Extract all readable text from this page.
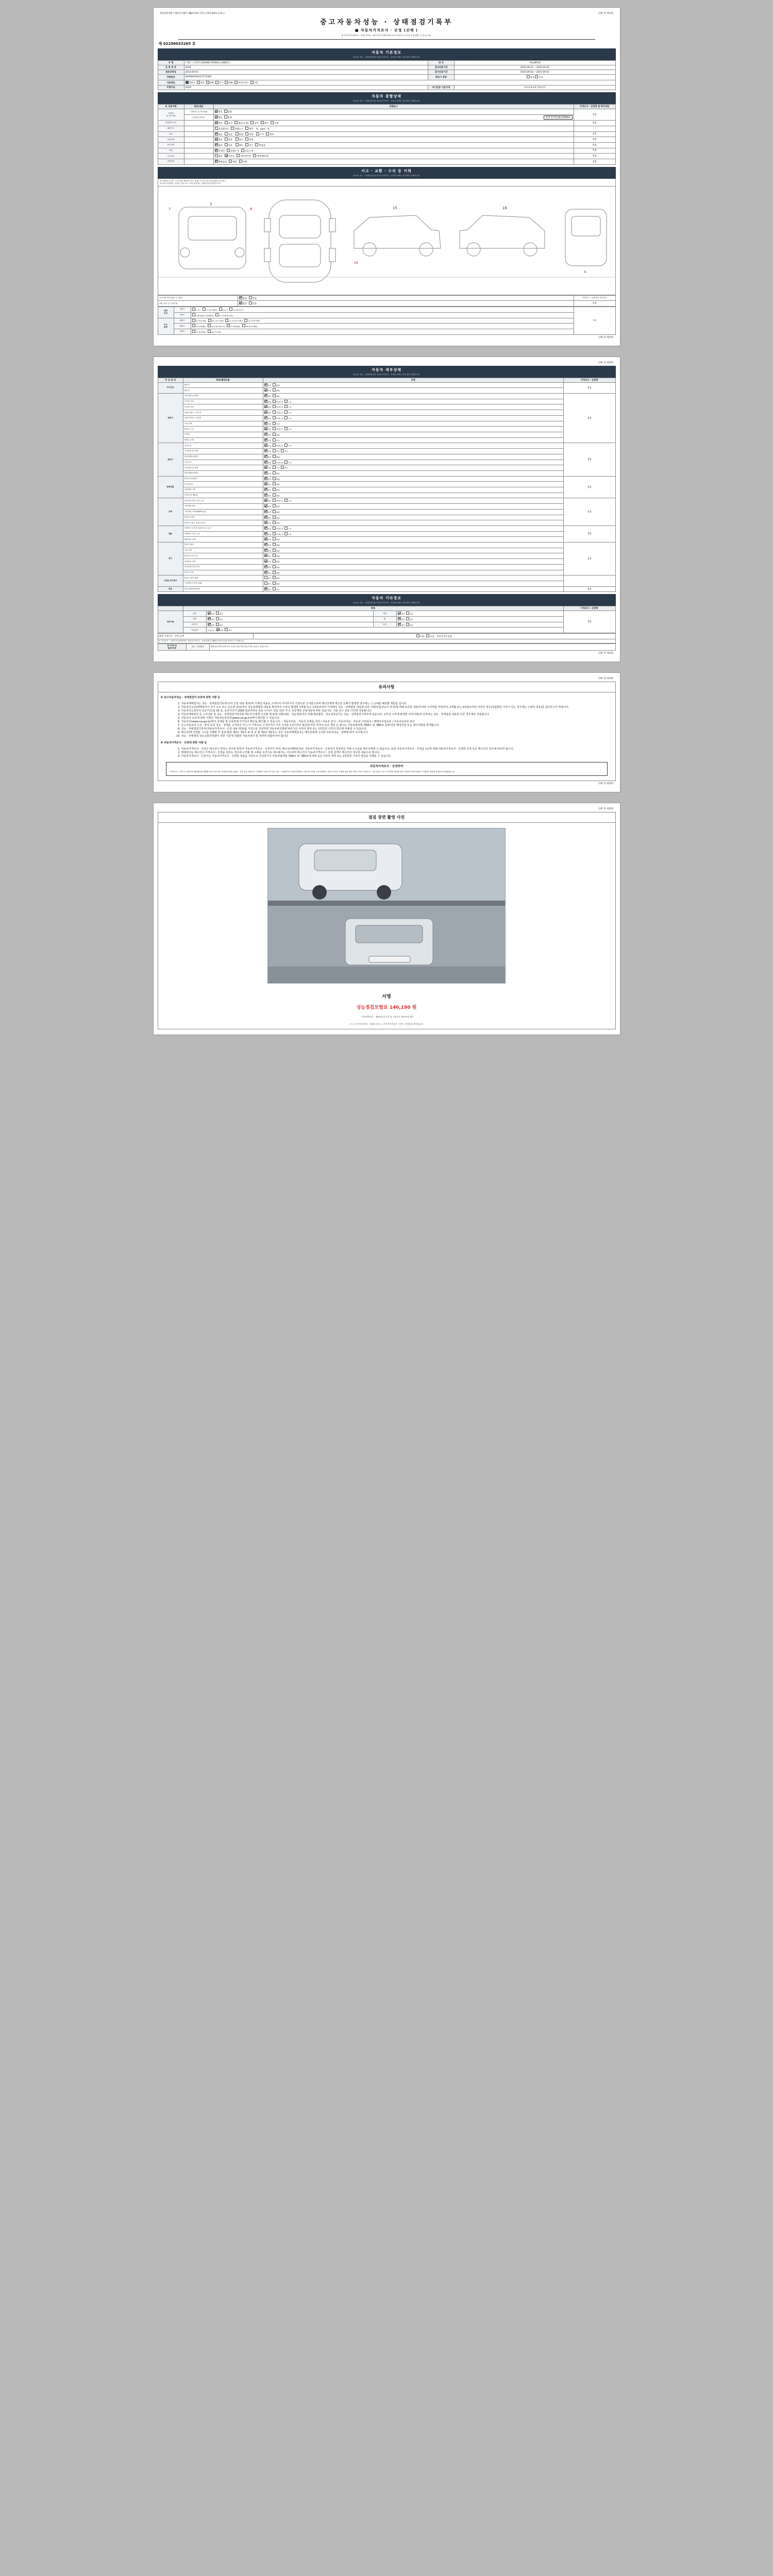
자동차관리법 시행규칙 [별지 제82호의2 서식] <개정 2021.1.15.>	(3쪽 중 제1쪽)
중고자동차성능 · 상태점검기록부
■ 자동차가격조사 · 산정 (선택 )
※ 자동차가격조사 · 산정 여부는 매수인의 선택사항으로서 별도의 수수료가 발생할 수 있습니다.
제 02256033265 호
자동차 기본정보
(자동차 성능 · 상태점검자와 자동차가격조사 · 산정을 함께는 경우에만 기재합니다)
차 명	그랜드 스타렉스(GRAND STAREX) (4WD일 )	연 식	-92s/8939
등 록 번 호	2016	검사유효기간	2025-09-03 ~ 2025-09-02
최초등록일	2015-09-03	검사유효기간	2025-09-03 ~ 2025-09-02
차량번호	6UP480CNOLG7175465	변속기 종류	자동 수동
사용연료	휘발유 경유 LPG 전기 CNG 하이브리드 기타		
주행거리	04CB	자기인증 기준가격	0 0 0 0 0 0 킬로미터
자동차 종합상태
(자동차 성능 · 상태점검자와 자동차가격조사 · 산정을 함께는 경우에만 기재합니다)
※ 사용이력	항목/내용	상태표시	가격조사 · 산정액 및 특이사항
전항목
점 특기사항	주행거리 및 계기상태	양호  불량	적정
	자동차등록번호	양호  불량 현재 계기판 84,0199km	

차대번호 표기		양호   부식   훼손(오염)   상이   변조   도말	적정
배출가스		일산화탄소   탄화수소   매연    % , ppm , %	
튜닝		없음   있음    불법   적법    구조   장치	적정
특별이력		없음   있음    침수   화재	적정
용도변경		없음   있음    렌트   리스   영업용	적정
색상		무채색   전체도색   부분도색	적정
주요옵션		없음   선루프   내비게이션   에어백(0개)	적정
리콜대상		해당없음   해당   이행	적정
사고 · 교환 · 수리 등 이력
(자동차 성능 · 상태점검자와 자동차가격조사 · 산정을 함께는 경우에만 기재합니다)
※ 상태표시 부호 : ( X:교환, W:판금 또는 용접, C:부식, A:손상(긁힘), U:요철 )
※ 하단 단면에는 승용차 기준으로, 기타 차종에는 상태부호를 붙여서 표시
7	8
1
15
18
16
4
사고이력 (外부/판금 수 없음)	없음   있음	가격조사 · 산정액 및 특이사항
교환, 판금 등 이상부위	없음   있음	적정
외판
부위	1랭크	1.후드 2.프론트휀더 3.도어 4.트렁크리드	적정
	2랭크	5.쿼터패널 (리어휀더) 6.루프패널(지붕)	
주요
골격	A랭크	9.프론트패널 10.크로스멤버 11.인사이드패널 12.사이드멤버	
	B랭크	13.리어패널 14.트렁크플로어 15.대쉬패널 16.플로어패널	
	C랭크	17.필러패널 18.루프레일	
(3쪽 중 제1쪽)
(3쪽 중 제2쪽)
자동차 세부상태
(자동차 성능 · 상태점검자와 자동차가격조사 · 산정을 함께는 경우에만 기재합니다)
주 요 장 치	항목/해당부품	상태	가격조사 · 산정액
자기진단	원동기	양호  불량	적정
	변속기	양호  불량	
원동기	작동상태 (공회전)	양호  불량	적정
	로커암 커버	없음  미세누유  누유	
	로커암 커버	없음  미세누유  누유	
	실린더 헤드 / 가스켓	없음  미세누유  누유	
	실린더 블록 / 오일팬	없음  미세누유  누유	
	오일 유량	적정  부족	
	냉각수 누수	없음  미세누수  누수	
	커넥터	양호  불량	
	냉각수 수량	적정  부족	
변속기	오일누유	없음  미세누유  누유	적정
	오일유량 및 상태	적정  부족  과다	
	작동상태(공회전)	양호  불량	
	오일누유	없음  미세누유  누유	
	오일유량 및 상태	적정  부족  과다	
	작동상태(공회전)	양호  불량	
동력전달	클러치 어셈블리	양호  불량	적정
	등속조인트	양호  불량	
	디퍼렌셜 기어	양호  불량	
	추진축 및 베어링	양호  불량	
조향	동력조향 작동 오일 누유	없음  미세누유  누유	적정
	스티어링 펌프	양호  불량	
	스티어링 기어(MDPS포함)	양호  불량	
	타이로드엔드	양호  불량	
	타이로드엔드 및 볼 조인트	양호  불량	
제동	브레이크 마스터 실린더오일 누유	없음  미세누유  누유	적정
	브레이크 오일 누유	없음  미세누유  누유	
	배력장치 상태	양호  불량	
전기	발전기 출력	양호  불량	적정
	시동 모터	양호  불량	
	와이퍼 모터 기능	양호  불량	
	실내송풍 모터	양호  불량	
	라디에이터 팬 모터	양호  불량	
	윈도우 모터	양호  불량	
고전원 전기장치	충전구 절연 상태	양호  불량	
	구동축전지 격리 상태	양호  불량	
연료	연료누출(LPG포함)	없음  있음	적정
자동차 기타정보
(자동차 성능 · 상태점검자와 자동차가격조사 · 산정을 함께는 경우에만 기재합니다)
	항목				가격조사 · 산정액
세부사항	외장	없음  있음	내장	없음  있음	적정
	광택	없음  있음	휠	없음  있음	
	타이어	없음  있음	유리	없음  있음	
	기본품목	보유공구 없음  있음			
최종 가격조사 · 산정 금액	이하	이상 0 0 0 0 0 만원
※ 가격조사 · 산정가격 상세내역은 자동차가격조사 · 산정서(별지 제82호의3서식)를 참조하시기 바랍니다.
특기사항 및
점검자의견	성능 · 상태점검	불법·튜닝여부등(중고차 특성상 부분적인 판금도색은 있을 수 있습니다.)
(3쪽 중 제2쪽)
(3쪽 중 제3쪽)
유의사항
※ 중고자동차성능 · 상태점검자 보증에 관한 사항 등
1. 자동차매매업자는 성능 · 상태점검기록부(이하 산정 내용 제외)에 기재된 내용을 고지하지 아니하거나 거짓으로 고지함으로써 매수인에게 재산상 손해가 발생한 경우에는 그 손해를 배상할 책임을 집니다.
2. 자동차인도일(매매업자가 자기 소유 또는 인도한 날)로부터 성능상태점검 내용을 확인하여 이상이 발생한 1개월 또는 2천킬로미터 이내에서 성능 · 상태점검 내용과 다른 사항(부품성능이 하자)에 대해 보증한 내용에 따라 수리비를 부담하며, 2개월 또는 4천킬로미터 이상인 경우(상품화된 기간이 있는 경우에는 구체적 내용)를 참조하시기 바랍니다.
3. 자동차인도일부터 보증기간(최 30 일, 보증거리가 2000 킬로미터로 종료 나이)이 종료 되었 이나, 보증책임 간접내용에 따라 있습니다. 이를 준수 보증 기간에 적용합니다.
4. 자동차매매업자 등 고지내용 및 성능 · 상태점검기록부를 매수인이에게 고지할 때 판매 사항(내용 · 성능점검자의 성명/생년월일 · 성능점검일자는 성능 · 상태점검기록부에 있습니다. 교부일 이후에 발생한 하자사항(과 인하여는 성능 · 상태점검 내용과 다른 경우에만 적용됩니다.
5. 자동차의 소유에 관한 사항은 자동차등록원부(www.car.go.kr)에서 확인할 수 있습니다.
6. 자동차의(www.car.go.kr)에서 실제를 및 등록하에 자기인증 확인을 확인할 수 있습니다. - 자동차의료 : 자동차 실제를 공단 / 자동차 검사 - 자동차의료 : 자동차 이력검사 / 매매조사업등록 / 자동차등록원 검사
7. 중고자동차의 구조 · 장치 등의 성능 · 상태를 고지하지 아니 자 거짓으로 고지하거나 거짓 고지를 1년이하의 벌금에 따른 하자의 보증 책임 등 없이는 자동차관리법 제58조 및 제80조 등에 따른 행정처분 또는 형사처벌을 받게됩니다.
8. 성능 · 상태점검기록부(자동차가격조사 · 산정 내용 제외)를 거짓으로 작성하면 자동차관리법에 따라 1년 이하의 징역 또는 1천만원 이하의 벌금에 처해질 수 있습니다.
9. 매수인(매 인정된 시고를 이행한 후 결과 관련 제2조 제1호 표 및 동 법 제2조 제2호는 경우 자동차매매업자는 매수인에게 고지한 자동차성능 · 상태에 따라 조사합니다.
10. 성능 · 상태점검 국토교통부장관이 정한 기준에 적합한 자동차검사 및 정비에 적합하여야 합니다.
※ 자동차가격조사 · 산정에 관한 사항 등
1. 자동차가격조사 · 산정은 매수인이 원하는 경우에 한하여 자동차가격조사 · 산정자가 하며, 매도인(매매업자)은 자동차가격조사 · 산정자가 정상적인 거래 수수료를 매수인에게 수 없습니다. 또한 자동차가격조사 · 산정을 1년에 대해 자동차가격조사 · 산정한 금액 등은 매수인의 청구에 따라야 합니다.
2. 매매업자는 매수인이 가격조사 · 산정을 원하는 경우에 고지할 때 구매를 조건으로 제시해서는 아니되며 매수인의 자동차가격조사 · 산정 금액이 매수인의 청구한 내용으로 합니다.
3. 자동차가격조사 · 산정자는 자동차가격조사 · 산정한 내용을 거짓으로 작성하거나 자동차관리법 제58조 및 제80조에 따라 1년 이하의 징역 또는 1천만원 이하의 벌금을 처해질 수 있습니다.
자동차가격조사 · 산정하여
"가격조사 · 산정"은 실제가격 매매계약을 체결할 당시 보증기간 이내에 운영을 (관정) · 산정 부분 한정으로 기재하여 서비스가 다른 보장 · 구매하거나 거짓의 발생하는 경우에 가격을 주장 발생하는 것은 아니며, 구매에 관한 법적 서비스가며, 가격조사 · 산정 결과는 참고 가격이며 권리에 관한 구체적인 법적 내용이 구매하여 결정에 영향보보로 활용됩니다.
(3쪽 중 제3쪽)
(3쪽 중 제3쪽)
점검 장면 촬영 사진
서명
성능점검보험료 146,190 원
「가격의견조정」 제8조의 및 같은 법 시행규칙 제30조에 따라
[ Y ] 중고차의 차성능 · 상태를 검토, [ ] 자동차가격조사 · 산정 1 사항임을 확인합니다.
